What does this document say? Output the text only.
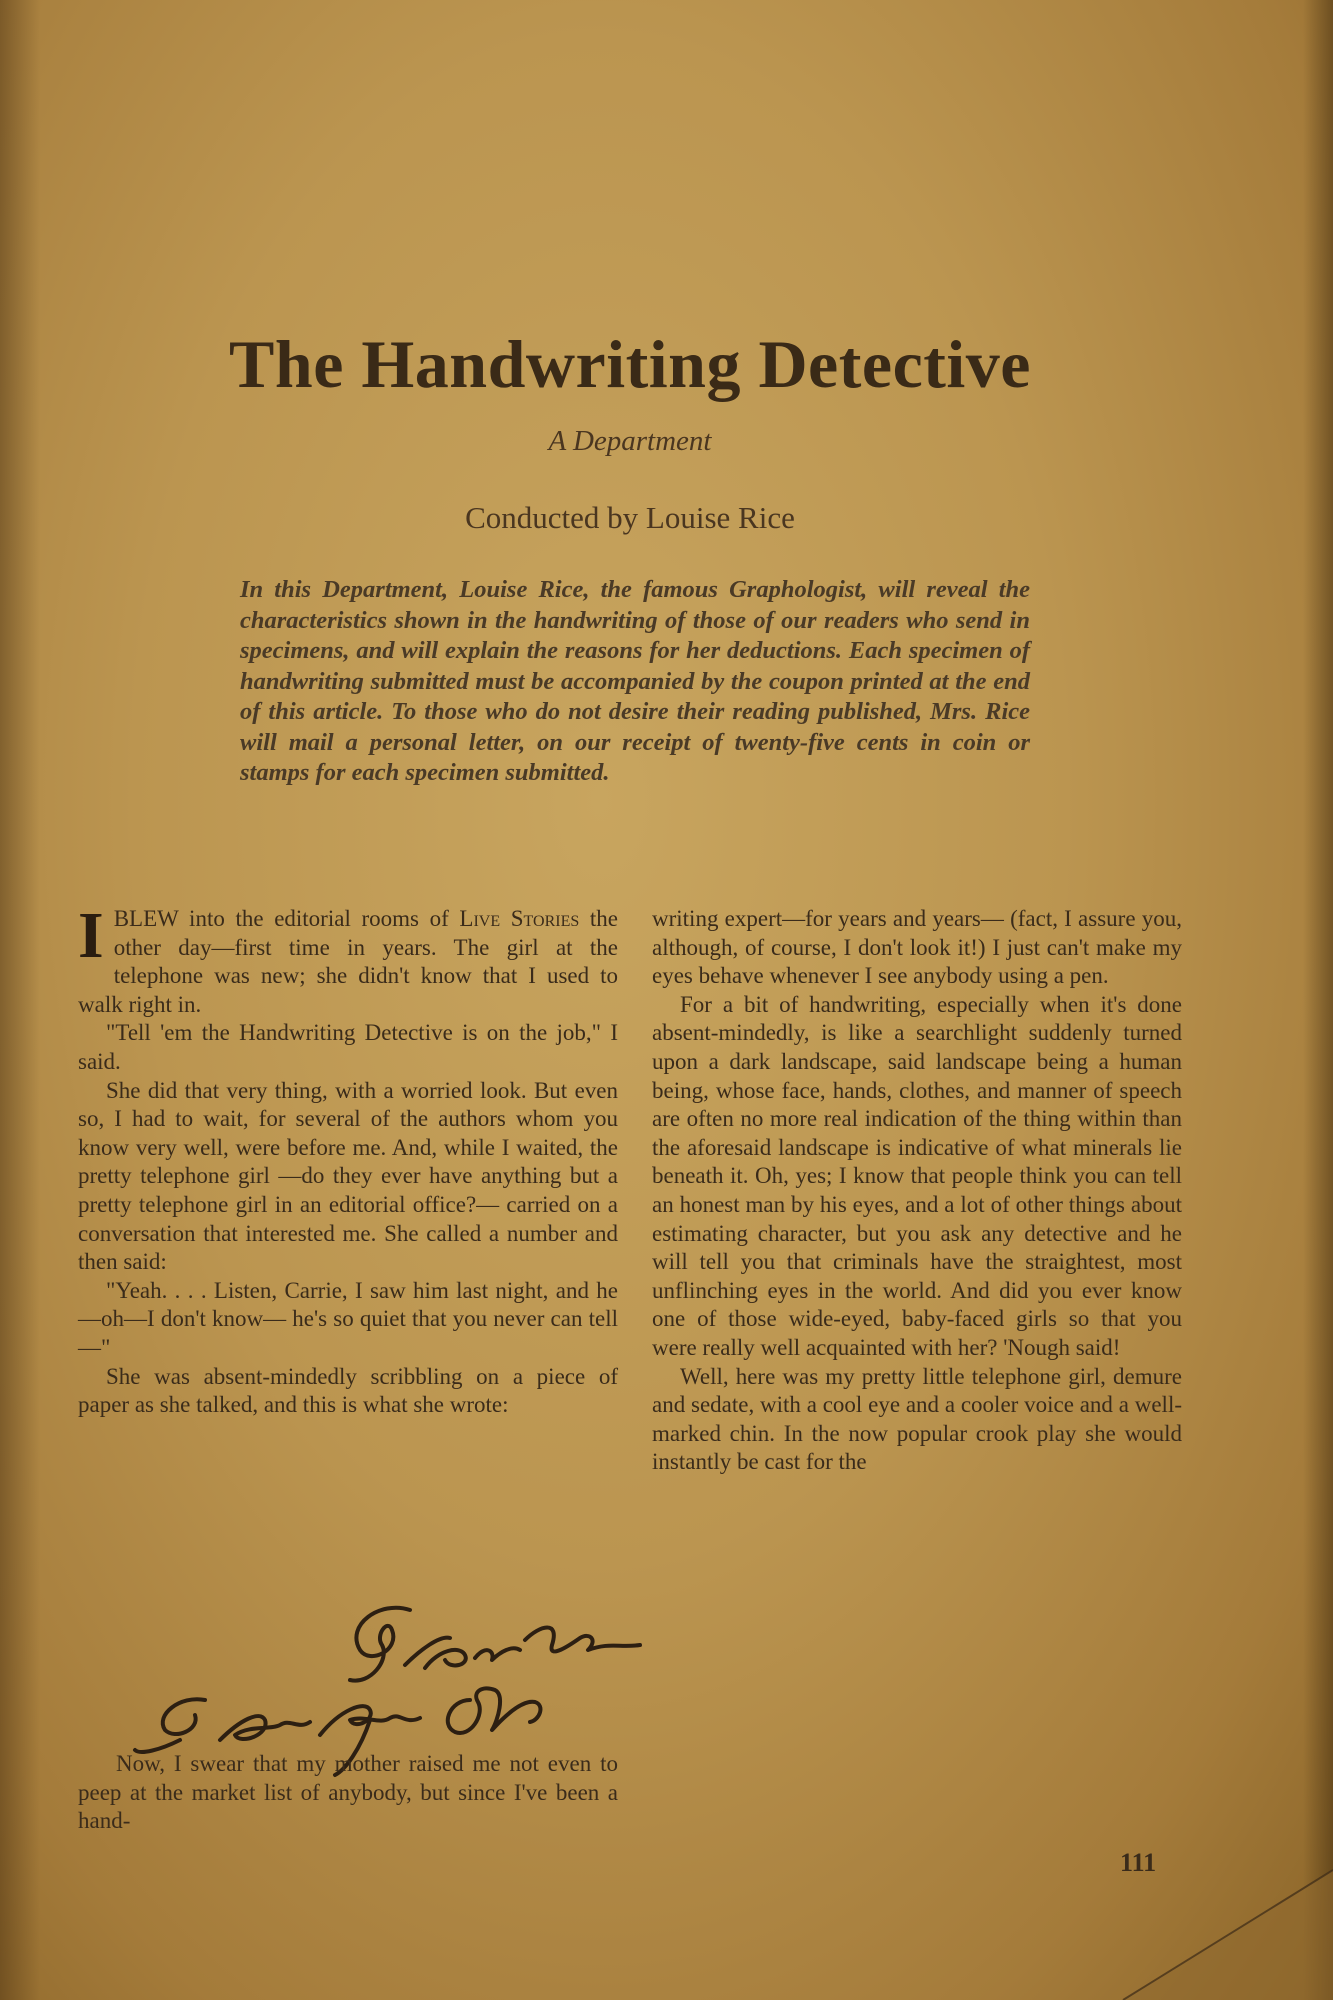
The Handwriting Detective
A Department
Conducted by Louise Rice
In this Department, Louise Rice, the famous Graphologist, will reveal the characteristics shown in the handwriting of those of our readers who send in specimens, and will explain the reasons for her deductions. Each specimen of handwriting submitted must be accompanied by the coupon printed at the end of this article. To those who do not desire their reading published, Mrs. Rice will mail a personal letter, on our receipt of twenty-five cents in coin or stamps for each specimen submitted.

I BLEW into the editorial rooms of Live Stories the other day—first time in years. The girl at the telephone was new; she didn't know that I used to walk right in.

"Tell 'em the Handwriting Detective is on the job," I said.

She did that very thing, with a worried look. But even so, I had to wait, for several of the authors whom you know very well, were before me. And, while I waited, the pretty telephone girl —do they ever have anything but a pretty telephone girl in an editorial office?— carried on a conversation that interested me. She called a number and then said:

"Yeah. . . . Listen, Carrie, I saw him last night, and he—oh—I don't know— he's so quiet that you never can tell—"

She was absent-mindedly scribbling on a piece of paper as she talked, and this is what she wrote:

Now, I swear that my mother raised me not even to peep at the market list of anybody, but since I've been a hand-

writing expert—for years and years— (fact, I assure you, although, of course, I don't look it!) I just can't make my eyes behave whenever I see anybody using a pen.

For a bit of handwriting, especially when it's done absent-mindedly, is like a searchlight suddenly turned upon a dark landscape, said landscape being a human being, whose face, hands, clothes, and manner of speech are often no more real indication of the thing within than the aforesaid landscape is indicative of what minerals lie beneath it. Oh, yes; I know that people think you can tell an honest man by his eyes, and a lot of other things about estimating character, but you ask any detective and he will tell you that criminals have the straightest, most unflinching eyes in the world. And did you ever know one of those wide-eyed, baby-faced girls so that you were really well acquainted with her? 'Nough said!

Well, here was my pretty little telephone girl, demure and sedate, with a cool eye and a cooler voice and a well-marked chin. In the now popular crook play she would instantly be cast for the

111
